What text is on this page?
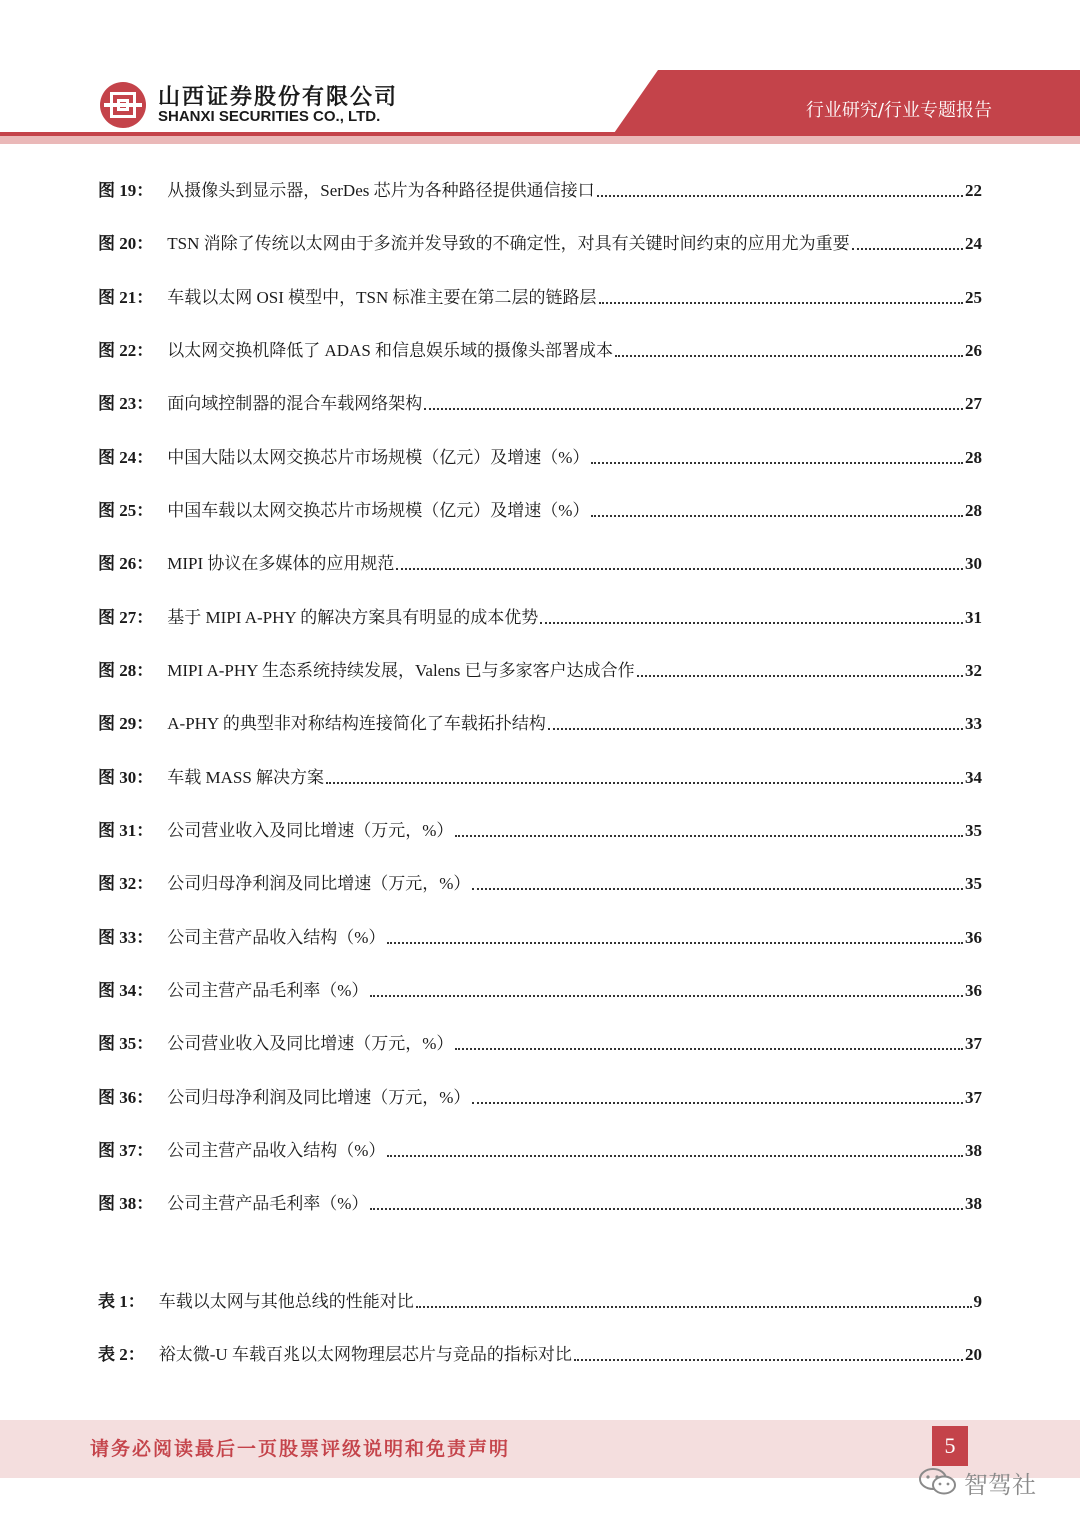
山西证券股份有限公司
SHANXI SECURITIES CO., LTD.	行业研究/行业专题报告
图 19： 从摄像头到显示器，SerDes 芯片为各种路径提供通信接口	22
图 20： TSN 消除了传统以太网由于多流并发导致的不确定性，对具有关键时间约束的应用尤为重要	24
图 21： 车载以太网 OSI 模型中，TSN 标准主要在第二层的链路层	25
图 22： 以太网交换机降低了 ADAS 和信息娱乐域的摄像头部署成本	26
图 23： 面向域控制器的混合车载网络架构	27
图 24： 中国大陆以太网交换芯片市场规模（亿元）及增速（%）	28
图 25： 中国车载以太网交换芯片市场规模（亿元）及增速（%）	28
图 26： MIPI 协议在多媒体的应用规范	30
图 27： 基于 MIPI A-PHY 的解决方案具有明显的成本优势	31
图 28： MIPI A-PHY 生态系统持续发展，Valens 已与多家客户达成合作	32
图 29： A-PHY 的典型非对称结构连接简化了车载拓扑结构	33
图 30： 车载 MASS 解决方案	34
图 31： 公司营业收入及同比增速（万元，%）	35
图 32： 公司归母净利润及同比增速（万元，%）	35
图 33： 公司主营产品收入结构（%）	36
图 34： 公司主营产品毛利率（%）	36
图 35： 公司营业收入及同比增速（万元，%）	37
图 36： 公司归母净利润及同比增速（万元，%）	37
图 37： 公司主营产品收入结构（%）	38
图 38： 公司主营产品毛利率（%）	38
表 1： 车载以太网与其他总线的性能对比	9
表 2： 裕太微-U 车载百兆以太网物理层芯片与竞品的指标对比	20
请务必阅读最后一页股票评级说明和免责声明	5
智驾社
